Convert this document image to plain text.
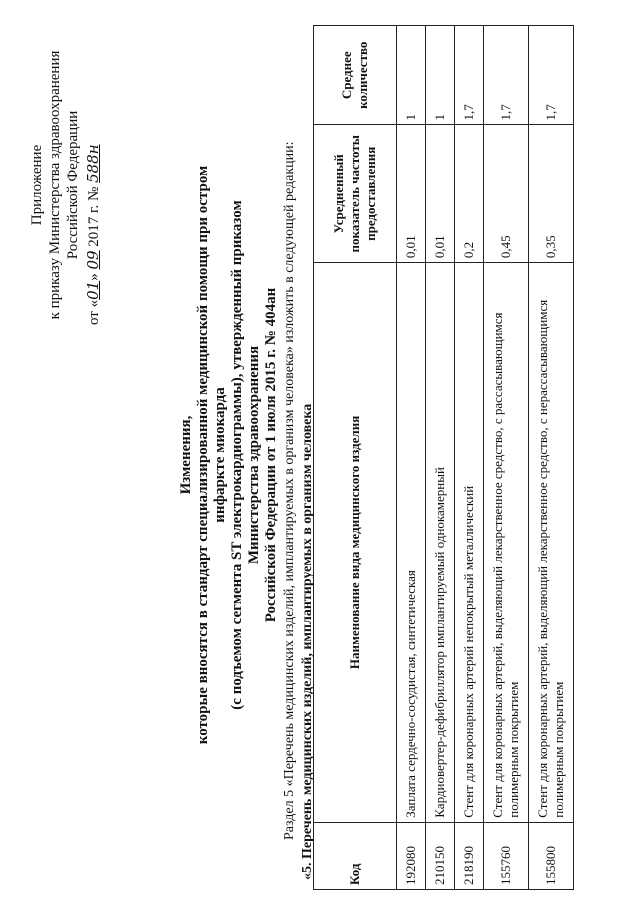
Приложение к приказу Министерства здравоохранения Российской Федерации
от «01» 09 2017 г. № 588н
Изменения, которые вносятся в стандарт специализированной медицинской помощи при остром инфаркте миокарда (с подъемом сегмента ST электрокардиограммы), утвержденный приказом Министерства здравоохранения Российской Федерации от 1 июля 2015 г. № 404ан Раздел 5 «Перечень медицинских изделий, имплантируемых в организм человека» изложить в следующей редакции: «5. Перечень медицинских изделий, имплантируемых в организм человека Код	Наименование вида медицинского изделия	Усредненный показатель частоты предоставления	Среднее количество
192080	Заплата сердечно-сосудистая, синтетическая	0,01	1
210150	Кардиовертер-дефибриллятор имплантируемый однокамерный	0,01	1
218190	Стент для коронарных артерий непокрытый металлический	0,2	1,7
155760	Стент для коронарных артерий, выделяющий лекарственное средство, с рассасывающимся полимерным покрытием	0,45	1,7
155800	Стент для коронарных артерий, выделяющий лекарственное средство, с нерассасывающимся полимерным покрытием	0,35	1,7
